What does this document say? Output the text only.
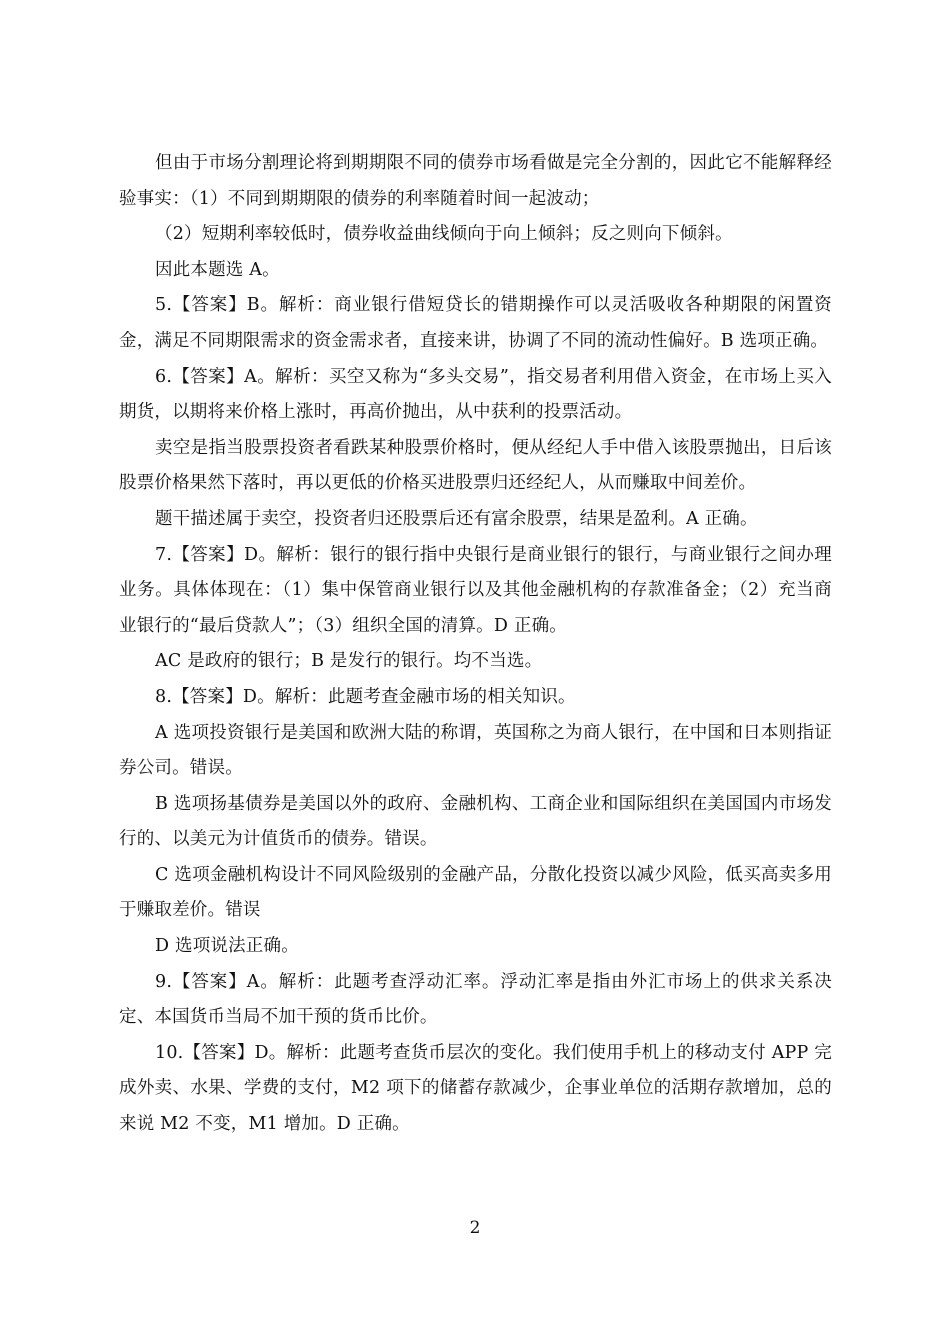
但由于市场分割理论将到期期限不同的债券市场看做是完全分割的，因此它不能解释经验事实：（1）不同到期期限的债券的利率随着时间一起波动；

（2）短期利率较低时，债券收益曲线倾向于向上倾斜；反之则向下倾斜。

因此本题选 A。

5.【答案】B。解析：商业银行借短贷长的错期操作可以灵活吸收各种期限的闲置资金，满足不同期限需求的资金需求者，直接来讲，协调了不同的流动性偏好。B 选项正确。

6.【答案】A。解析：买空又称为“多头交易”，指交易者利用借入资金，在市场上买入期货，以期将来价格上涨时，再高价抛出，从中获利的投票活动。

卖空是指当股票投资者看跌某种股票价格时，便从经纪人手中借入该股票抛出，日后该股票价格果然下落时，再以更低的价格买进股票归还经纪人，从而赚取中间差价。

题干描述属于卖空，投资者归还股票后还有富余股票，结果是盈利。A 正确。

7.【答案】D。解析：银行的银行指中央银行是商业银行的银行，与商业银行之间办理业务。具体体现在：（1）集中保管商业银行以及其他金融机构的存款准备金；（2）充当商业银行的“最后贷款人”；（3）组织全国的清算。D 正确。

AC 是政府的银行；B 是发行的银行。均不当选。

8.【答案】D。解析：此题考查金融市场的相关知识。

A 选项投资银行是美国和欧洲大陆的称谓，英国称之为商人银行，在中国和日本则指证券公司。错误。

B 选项扬基债券是美国以外的政府、金融机构、工商企业和国际组织在美国国内市场发行的、以美元为计值货币的债券。错误。

C 选项金融机构设计不同风险级别的金融产品，分散化投资以减少风险，低买高卖多用于赚取差价。错误

D 选项说法正确。

9.【答案】A。解析：此题考查浮动汇率。浮动汇率是指由外汇市场上的供求关系决定、本国货币当局不加干预的货币比价。

10.【答案】D。解析：此题考查货币层次的变化。我们使用手机上的移动支付 APP 完成外卖、水果、学费的支付，M2 项下的储蓄存款减少，企事业单位的活期存款增加，总的来说 M2 不变，M1 增加。D 正确。

2
